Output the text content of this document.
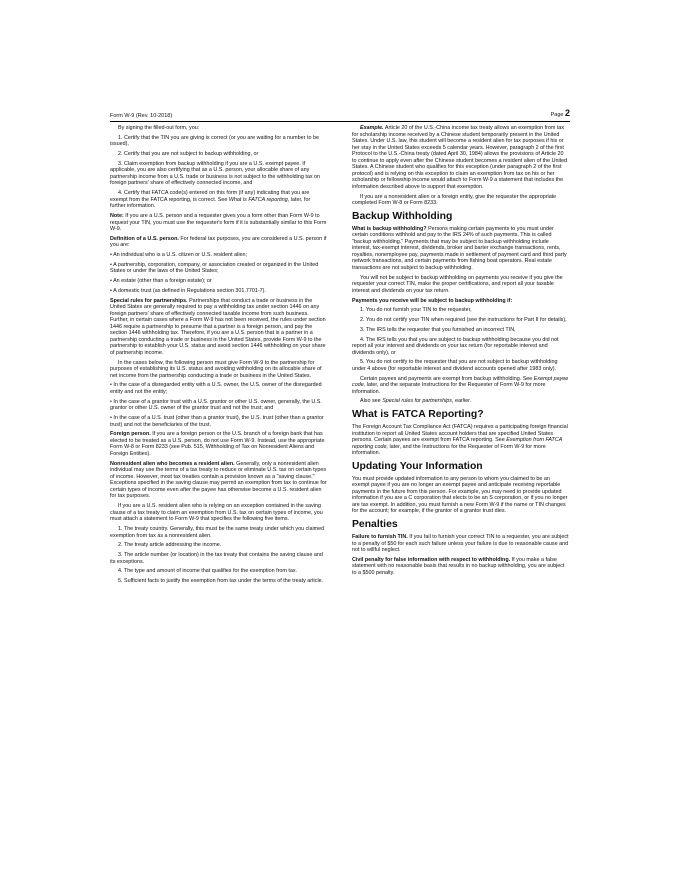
Form W-9 (Rev. 10-2018)	Page 2

By signing the filled-out form, you:

1. Certify that the TIN you are giving is correct (or you are waiting for a number to be issued),

2. Certify that you are not subject to backup withholding, or

3. Claim exemption from backup withholding if you are a U.S. exempt payee. If applicable, you are also certifying that as a U.S. person, your allocable share of any partnership income from a U.S. trade or business is not subject to the withholding tax on foreign partners' share of effectively connected income, and

4. Certify that FATCA code(s) entered on this form (if any) indicating that you are exempt from the FATCA reporting, is correct. See What is FATCA reporting, later, for further information.

Note: If you are a U.S. person and a requester gives you a form other than Form W-9 to request your TIN, you must use the requester's form if it is substantially similar to this Form W-9.

Definition of a U.S. person. For federal tax purposes, you are considered a U.S. person if you are:

• An individual who is a U.S. citizen or U.S. resident alien;

• A partnership, corporation, company, or association created or organized in the United States or under the laws of the United States;

• An estate (other than a foreign estate); or

• A domestic trust (as defined in Regulations section 301.7701-7).

Special rules for partnerships. Partnerships that conduct a trade or business in the United States are generally required to pay a withholding tax under section 1446 on any foreign partners' share of effectively connected taxable income from such business. Further, in certain cases where a Form W-9 has not been received, the rules under section 1446 require a partnership to presume that a partner is a foreign person, and pay the section 1446 withholding tax. Therefore, if you are a U.S. person that is a partner in a partnership conducting a trade or business in the United States, provide Form W-9 to the partnership to establish your U.S. status and avoid section 1446 withholding on your share of partnership income.

In the cases below, the following person must give Form W-9 to the partnership for purposes of establishing its U.S. status and avoiding withholding on its allocable share of net income from the partnership conducting a trade or business in the United States.

• In the case of a disregarded entity with a U.S. owner, the U.S. owner of the disregarded entity and not the entity;

• In the case of a grantor trust with a U.S. grantor or other U.S. owner, generally, the U.S. grantor or other U.S. owner of the grantor trust and not the trust; and

• In the case of a U.S. trust (other than a grantor trust), the U.S. trust (other than a grantor trust) and not the beneficiaries of the trust.

Foreign person. If you are a foreign person or the U.S. branch of a foreign bank that has elected to be treated as a U.S. person, do not use Form W-9. Instead, use the appropriate Form W-8 or Form 8233 (see Pub. 515, Withholding of Tax on Nonresident Aliens and Foreign Entities).

Nonresident alien who becomes a resident alien. Generally, only a nonresident alien individual may use the terms of a tax treaty to reduce or eliminate U.S. tax on certain types of income. However, most tax treaties contain a provision known as a "saving clause." Exceptions specified in the saving clause may permit an exemption from tax to continue for certain types of income even after the payee has otherwise become a U.S. resident alien for tax purposes.

If you are a U.S. resident alien who is relying on an exception contained in the saving clause of a tax treaty to claim an exemption from U.S. tax on certain types of income, you must attach a statement to Form W-9 that specifies the following five items.

1. The treaty country. Generally, this must be the same treaty under which you claimed exemption from tax as a nonresident alien.

2. The treaty article addressing the income.

3. The article number (or location) in the tax treaty that contains the saving clause and its exceptions.

4. The type and amount of income that qualifies for the exemption from tax.

5. Sufficient facts to justify the exemption from tax under the terms of the treaty article.

Example. Article 20 of the U.S.-China income tax treaty allows an exemption from tax for scholarship income received by a Chinese student temporarily present in the United States. Under U.S. law, this student will become a resident alien for tax purposes if his or her stay in the United States exceeds 5 calendar years. However, paragraph 2 of the first Protocol to the U.S.-China treaty (dated April 30, 1984) allows the provisions of Article 20 to continue to apply even after the Chinese student becomes a resident alien of the United States. A Chinese student who qualifies for this exception (under paragraph 2 of the first protocol) and is relying on this exception to claim an exemption from tax on his or her scholarship or fellowship income would attach to Form W-9 a statement that includes the information described above to support that exemption.

If you are a nonresident alien or a foreign entity, give the requester the appropriate completed Form W-8 or Form 8233.

Backup Withholding

What is backup withholding? Persons making certain payments to you must under certain conditions withhold and pay to the IRS 24% of such payments. This is called "backup withholding." Payments that may be subject to backup withholding include interest, tax-exempt interest, dividends, broker and barter exchange transactions, rents, royalties, nonemployee pay, payments made in settlement of payment card and third party network transactions, and certain payments from fishing boat operators. Real estate transactions are not subject to backup withholding.

You will not be subject to backup withholding on payments you receive if you give the requester your correct TIN, make the proper certifications, and report all your taxable interest and dividends on your tax return.

Payments you receive will be subject to backup withholding if:

1. You do not furnish your TIN to the requester,

2. You do not certify your TIN when required (see the instructions for Part II for details),

3. The IRS tells the requester that you furnished an incorrect TIN,

4. The IRS tells you that you are subject to backup withholding because you did not report all your interest and dividends on your tax return (for reportable interest and dividends only), or

5. You do not certify to the requester that you are not subject to backup withholding under 4 above (for reportable interest and dividend accounts opened after 1983 only).

Certain payees and payments are exempt from backup withholding. See Exempt payee code, later, and the separate Instructions for the Requester of Form W-9 for more information.

Also see Special rules for partnerships, earlier.

What is FATCA Reporting?

The Foreign Account Tax Compliance Act (FATCA) requires a participating foreign financial institution to report all United States account holders that are specified United States persons. Certain payees are exempt from FATCA reporting. See Exemption from FATCA reporting code, later, and the Instructions for the Requester of Form W-9 for more information.

Updating Your Information

You must provide updated information to any person to whom you claimed to be an exempt payee if you are no longer an exempt payee and anticipate receiving reportable payments in the future from this person. For example, you may need to provide updated information if you are a C corporation that elects to be an S corporation, or if you no longer are tax exempt. In addition, you must furnish a new Form W-9 if the name or TIN changes for the account; for example, if the grantor of a grantor trust dies.

Penalties

Failure to furnish TIN. If you fail to furnish your correct TIN to a requester, you are subject to a penalty of $50 for each such failure unless your failure is due to reasonable cause and not to willful neglect.

Civil penalty for false information with respect to withholding. If you make a false statement with no reasonable basis that results in no backup withholding, you are subject to a $500 penalty.
